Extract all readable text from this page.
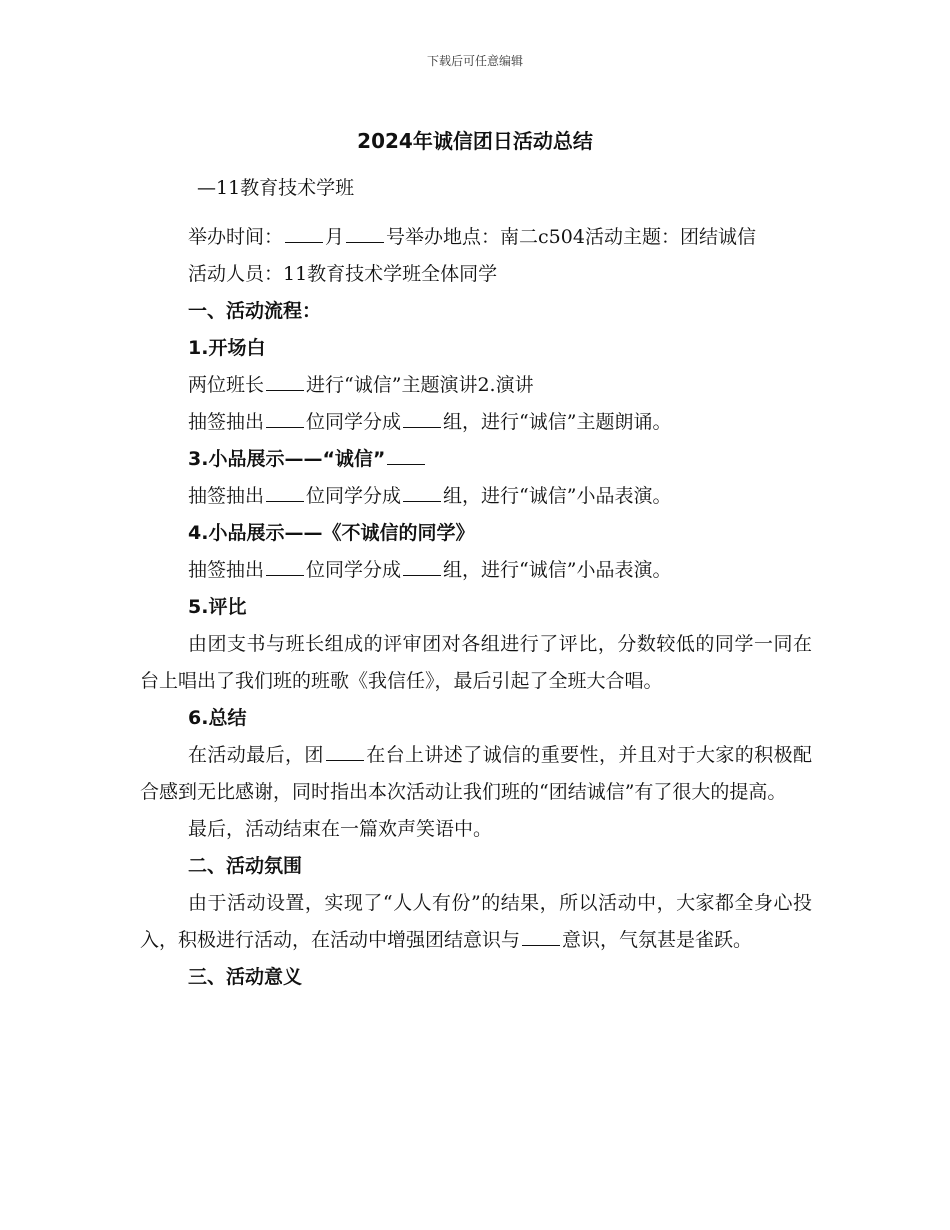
下载后可任意编辑
2024年诚信团日活动总结
—11教育技术学班
举办时间： 月 号举办地点：南二c504活动主题：团结诚信
活动人员：11教育技术学班全体同学
一、活动流程：
1.开场白
两位班长 进行“诚信”主题演讲2.演讲
抽签抽出 位同学分成 组，进行“诚信”主题朗诵。
3.小品展示——“诚信”
抽签抽出 位同学分成 组，进行“诚信”小品表演。
4.小品展示——《不诚信的同学》
抽签抽出 位同学分成 组，进行“诚信”小品表演。
5.评比
由团支书与班长组成的评审团对各组进行了评比，分数较低的同学一同在台上唱出了我们班的班歌《我信任》，最后引起了全班大合唱。
6.总结
在活动最后，团 在台上讲述了诚信的重要性，并且对于大家的积极配合感到无比感谢，同时指出本次活动让我们班的“团结诚信”有了很大的提高。
最后，活动结束在一篇欢声笑语中。
二、活动氛围
由于活动设置，实现了“人人有份”的结果，所以活动中，大家都全身心投入，积极进行活动，在活动中增强团结意识与 意识，气氛甚是雀跃。
三、活动意义
